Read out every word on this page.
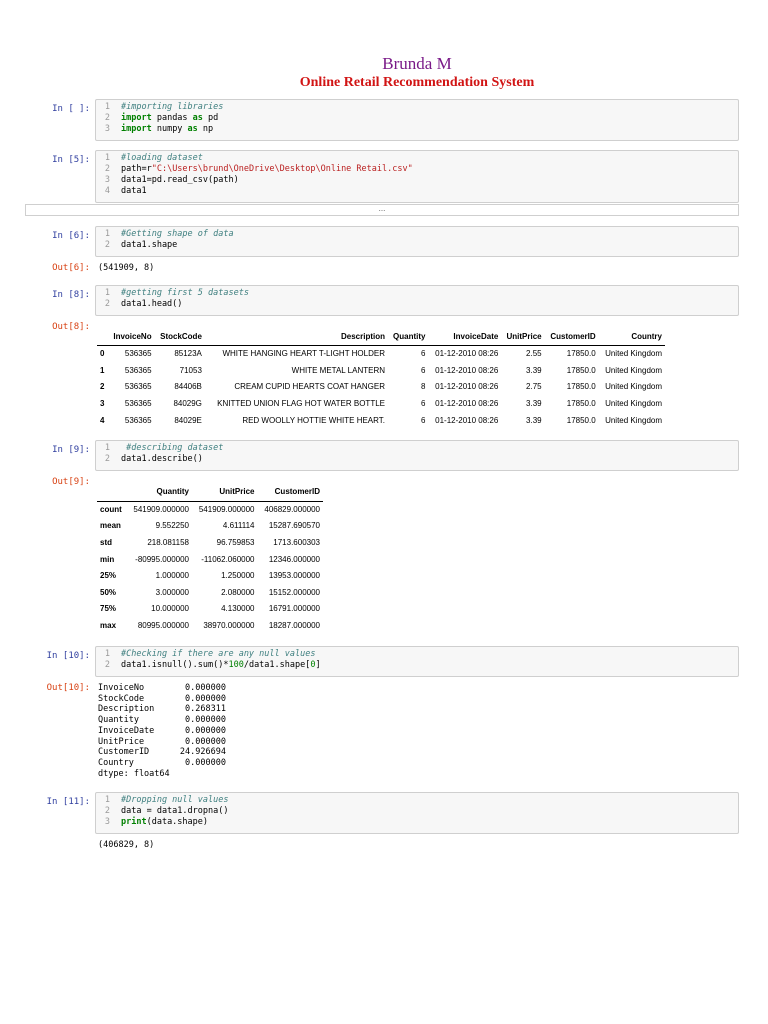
Brunda M
Online Retail Recommendation System
In [ ]:	1 #importing libraries
2 import pandas as pd
3 import numpy as np
In [5]:	1 #loading dataset
2 path=r"C:\Users\brund\OneDrive\Desktop\Online Retail.csv"
3 data1=pd.read_csv(path)
4 data1
...
In [6]:	1 #Getting shape of data
2 data1.shape
Out[6]: (541909, 8)
In [8]:	1 #getting first 5 datasets
2 data1.head()
Out[8]:
	InvoiceNo	StockCode	Description	Quantity	InvoiceDate	UnitPrice	CustomerID	Country
0	536365	85123A	WHITE HANGING HEART T-LIGHT HOLDER	6	01-12-2010 08:26	2.55	17850.0	United Kingdom
1	536365	71053	WHITE METAL LANTERN	6	01-12-2010 08:26	3.39	17850.0	United Kingdom
2	536365	84406B	CREAM CUPID HEARTS COAT HANGER	8	01-12-2010 08:26	2.75	17850.0	United Kingdom
3	536365	84029G	KNITTED UNION FLAG HOT WATER BOTTLE	6	01-12-2010 08:26	3.39	17850.0	United Kingdom
4	536365	84029E	RED WOOLLY HOTTIE WHITE HEART.	6	01-12-2010 08:26	3.39	17850.0	United Kingdom
In [9]:	1 #describing dataset
2 data1.describe()
Out[9]:
	Quantity	UnitPrice	CustomerID
count	541909.000000	541909.000000	406829.000000
mean	9.552250	4.611114	15287.690570
std	218.081158	96.759853	1713.600303
min	-80995.000000	-11062.060000	12346.000000
25%	1.000000	1.250000	13953.000000
50%	3.000000	2.080000	15152.000000
75%	10.000000	4.130000	16791.000000
max	80995.000000	38970.000000	18287.000000
In [10]:	1 #Checking if there are any null values
2 data1.isnull().sum()*100/data1.shape[0]
Out[10]: InvoiceNo        0.000000
StockCode        0.000000
Description      0.268311
Quantity         0.000000
InvoiceDate      0.000000
UnitPrice        0.000000
CustomerID      24.926694
Country          0.000000
dtype: float64
In [11]:	1 #Dropping null values
2 data = data1.dropna()
3 print(data.shape)
(406829, 8)
